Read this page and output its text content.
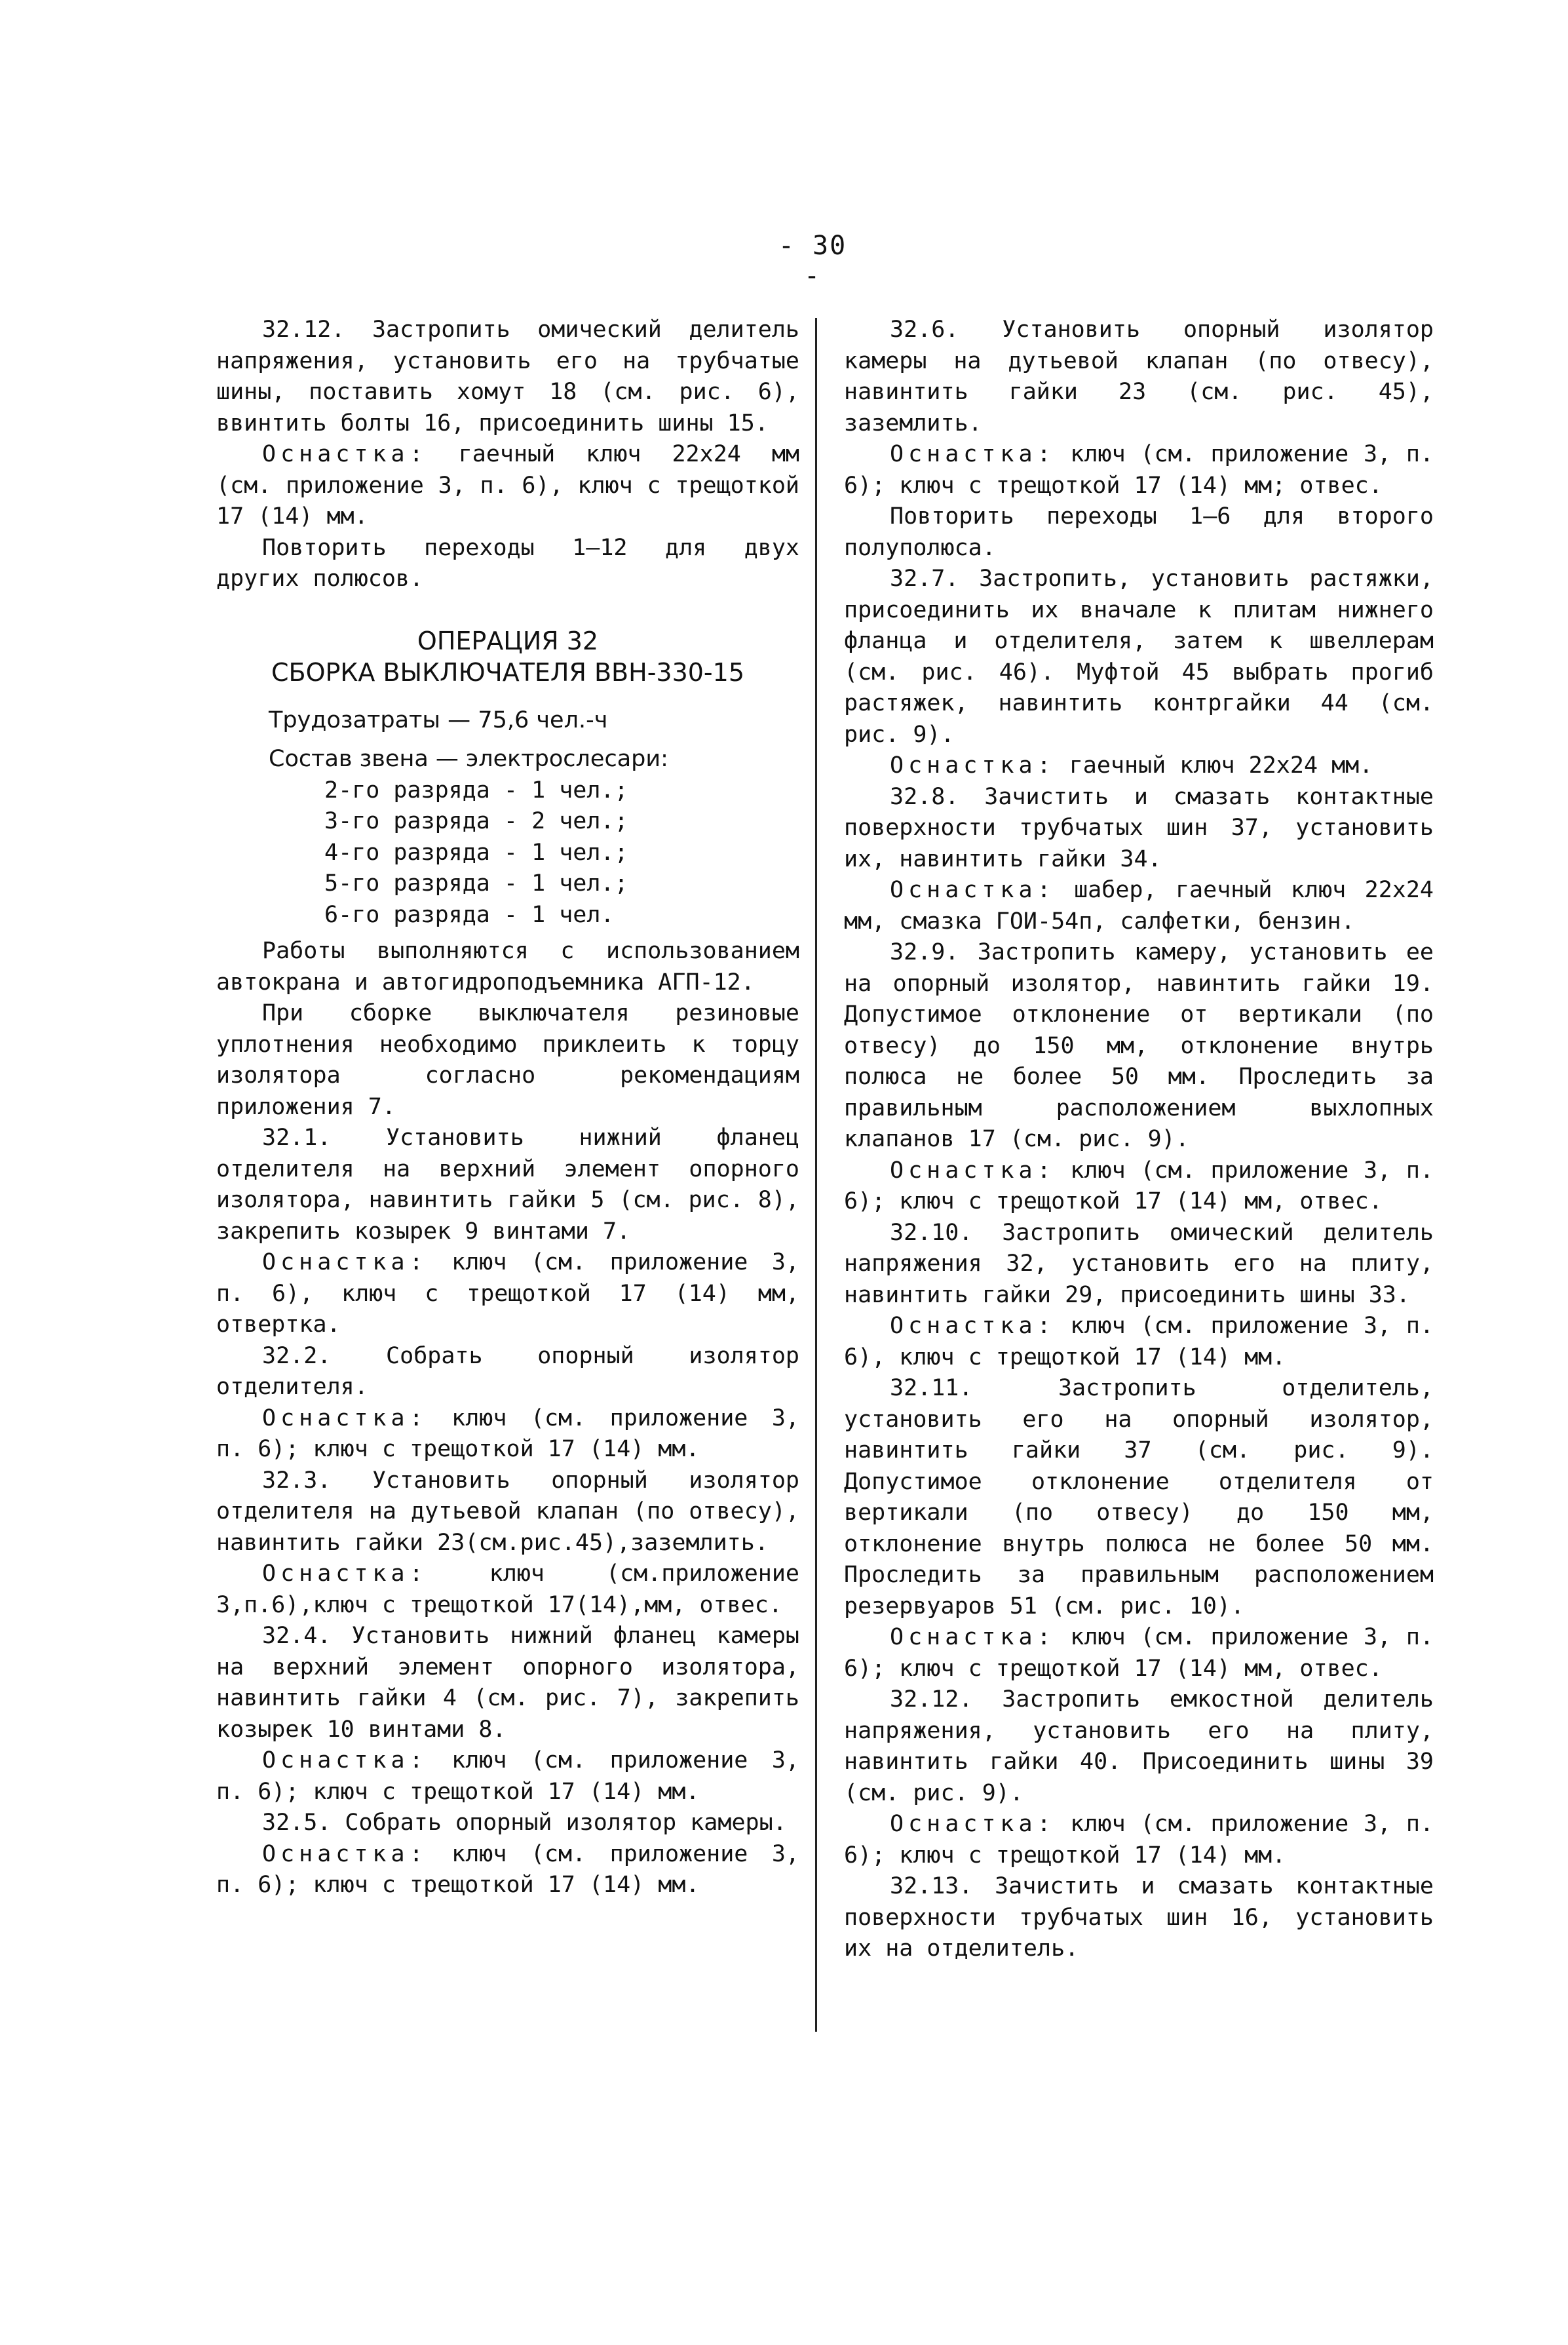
- 30 -

32.12. Застропить омический делитель напряжения, установить его на трубчатые шины, поставить хомут 18 (см. рис. 6), ввинтить болты 16, присоединить шины 15.

Оснастка: гаечный ключ 22х24 мм (см. приложение 3, п. 6), ключ с трещоткой 17 (14) мм.

Повторить переходы 1–12 для двух других полюсов.

ОПЕРАЦИЯ 32
СБОРКА ВЫКЛЮЧАТЕЛЯ ВВН-330-15

Трудозатраты — 75,6 чел.-ч

Состав звена — электрослесари:

2-го разряда - 1 чел.;
3-го разряда - 2 чел.;
4-го разряда - 1 чел.;
5-го разряда - 1 чел.;
6-го разряда - 1 чел.

Работы выполняются с использованием автокрана и автогидроподъемника АГП-12.

При сборке выключателя резиновые уплотнения необходимо приклеить к торцу изолятора согласно рекомендациям приложения 7.

32.1. Установить нижний фланец отделителя на верхний элемент опорного изолятора, навинтить гайки 5 (см. рис. 8), закрепить козырек 9 винтами 7.

Оснастка: ключ (см. приложение 3, п. 6), ключ с трещоткой 17 (14) мм, отвертка.

32.2. Собрать опорный изолятор отделителя.

Оснастка: ключ (см. приложение 3, п. 6); ключ с трещоткой 17 (14) мм.

32.3. Установить опорный изолятор отделителя на дутьевой клапан (по отвесу), навинтить гайки 23(см.рис.45),заземлить.

Оснастка:	ключ (см.приложение 3,п.6),ключ с трещоткой 17(14),мм, отвес.

32.4. Установить нижний фланец камеры на верхний элемент опорного изолятора, навинтить гайки 4 (см. рис. 7), закрепить козырек 10 винтами 8.

Оснастка: ключ (см. приложение 3, п. 6); ключ с трещоткой 17 (14) мм.

32.5. Собрать опорный изолятор камеры.

Оснастка: ключ (см. приложение 3, п. 6); ключ с трещоткой 17 (14) мм.

32.6. Установить опорный изолятор камеры на дутьевой клапан (по отвесу), навинтить гайки 23 (см. рис. 45), заземлить.

Оснастка: ключ (см. приложение 3, п. 6); ключ с трещоткой 17 (14) мм; отвес.

Повторить переходы 1–6 для второго полуполюса.

32.7. Застропить, установить растяжки, присоединить их вначале к плитам нижнего фланца и отделителя, затем к швеллерам (см. рис. 46). Муфтой 45 выбрать прогиб растяжек, навинтить контргайки 44 (см. рис. 9).

Оснастка: гаечный ключ 22х24 мм.

32.8. Зачистить и смазать контактные поверхности трубчатых шин 37, установить их, навинтить гайки 34.

Оснастка: шабер, гаечный ключ 22х24 мм, смазка ГОИ-54п, салфетки, бензин.

32.9. Застропить камеру, установить ее на опорный изолятор, навинтить гайки 19. Допустимое отклонение от вертикали (по отвесу) до 150 мм, отклонение внутрь полюса не более 50 мм. Проследить за правильным расположением выхлопных клапанов 17 (см. рис. 9).

Оснастка: ключ (см. приложение 3, п. 6); ключ с трещоткой 17 (14) мм, отвес.

32.10. Застропить омический делитель напряжения 32, установить его на плиту, навинтить гайки 29, присоединить шины 33.

Оснастка: ключ (см. приложение 3, п. 6), ключ с трещоткой 17 (14) мм.

32.11. Застропить отделитель, установить его на опорный изолятор, навинтить гайки 37 (см. рис. 9). Допустимое отклонение отделителя от вертикали (по отвесу) до 150 мм, отклонение внутрь полюса не более 50 мм. Проследить за правильным расположением резервуаров 51 (см. рис. 10).

Оснастка: ключ (см. приложение 3, п. 6); ключ с трещоткой 17 (14) мм, отвес.

32.12. Застропить емкостной делитель напряжения, установить его на плиту, навинтить гайки 40. Присоединить шины 39 (см. рис. 9).

Оснастка: ключ (см. приложение 3, п. 6); ключ с трещоткой 17 (14) мм.

32.13. Зачистить и смазать контактные поверхности трубчатых шин 16, установить их на отделитель.
